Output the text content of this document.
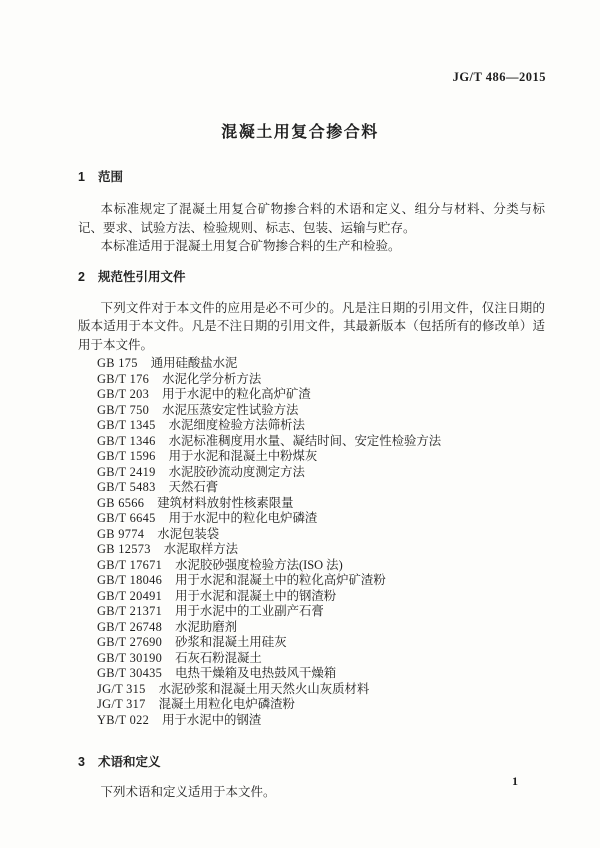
JG/T 486—2015
混凝土用复合掺合料
1 范围

本标准规定了混凝土用复合矿物掺合料的术语和定义、组分与材料、分类与标记、要求、试验方法、检验规则、标志、包装、运输与贮存。

本标准适用于混凝土用复合矿物掺合料的生产和检验。

2 规范性引用文件

下列文件对于本文件的应用是必不可少的。凡是注日期的引用文件，仅注日期的版本适用于本文件。凡是不注日期的引用文件，其最新版本（包括所有的修改单）适用于本文件。

GB 175 通用硅酸盐水泥
GB/T 176 水泥化学分析方法
GB/T 203 用于水泥中的粒化高炉矿渣
GB/T 750 水泥压蒸安定性试验方法
GB/T 1345 水泥细度检验方法筛析法
GB/T 1346 水泥标准稠度用水量、凝结时间、安定性检验方法
GB/T 1596 用于水泥和混凝土中粉煤灰
GB/T 2419 水泥胶砂流动度测定方法
GB/T 5483 天然石膏
GB 6566 建筑材料放射性核素限量
GB/T 6645 用于水泥中的粒化电炉磷渣
GB 9774 水泥包装袋
GB 12573 水泥取样方法
GB/T 17671 水泥胶砂强度检验方法(ISO 法)
GB/T 18046 用于水泥和混凝土中的粒化高炉矿渣粉
GB/T 20491 用于水泥和混凝土中的钢渣粉
GB/T 21371 用于水泥中的工业副产石膏
GB/T 26748 水泥助磨剂
GB/T 27690 砂浆和混凝土用硅灰
GB/T 30190 石灰石粉混凝土
GB/T 30435 电热干燥箱及电热鼓风干燥箱
JG/T 315 水泥砂浆和混凝土用天然火山灰质材料
JG/T 317 混凝土用粒化电炉磷渣粉
YB/T 022 用于水泥中的钢渣
3 术语和定义

下列术语和定义适用于本文件。

1
